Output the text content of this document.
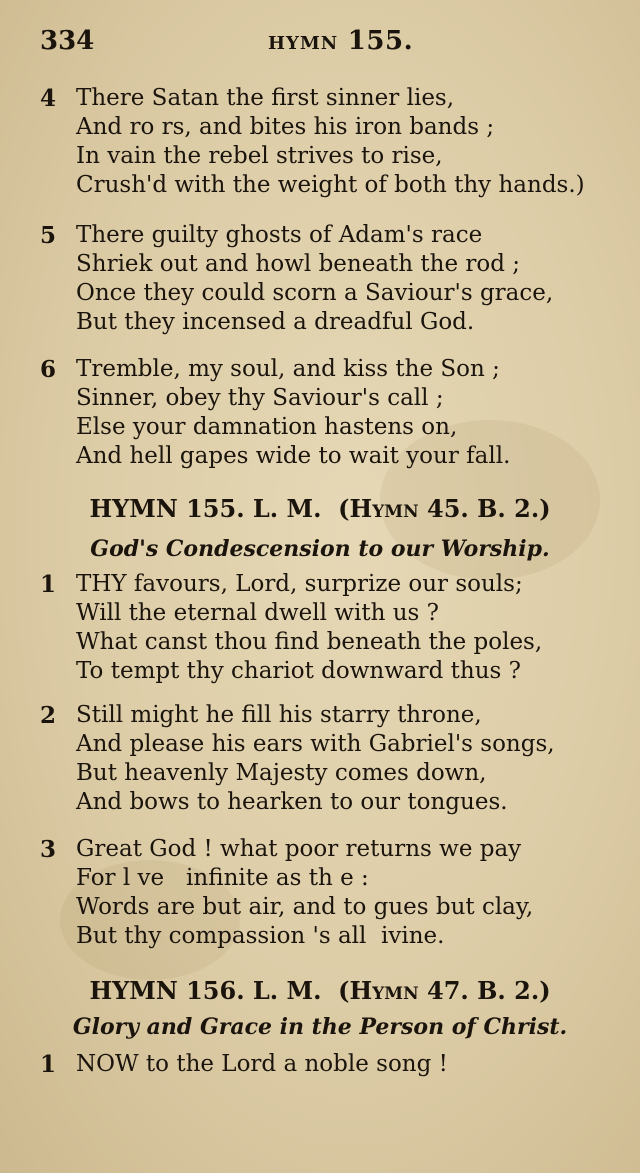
334	HYMN 155.
4 There Satan the first sinner lies,
And ro rs, and bites his iron bands ;
In vain the rebel strives to rise,
Crush'd with the weight of both thy hands.)
5 There guilty ghosts of Adam's race
Shriek out and howl beneath the rod ;
Once they could scorn a Saviour's grace,
But they incensed a dreadful God.
6 Tremble, my soul, and kiss the Son ;
Sinner, obey thy Saviour's call ;
Else your damnation hastens on,
And hell gapes wide to wait your fall.
HYMN 155. L. M. (HYMN 45. B. 2.)
God's Condescension to our Worship.
1 THY favours, Lord, surprize our souls;
Will the eternal dwell with us ?
What canst thou find beneath the poles,
To tempt thy chariot downward thus ?
2 Still might he fill his starry throne,
And please his ears with Gabriel's songs,
But heavenly Majesty comes down,
And bows to hearken to our tongues.
3 Great God ! what poor returns we pay
For l ve   infinite as th e :
Words are but air, and to gues but clay,
But thy compassion 's all  ivine.
HYMN 156. L. M. (HYMN 47. B. 2.)
Glory and Grace in the Person of Christ.
1 NOW to the Lord a noble song !
